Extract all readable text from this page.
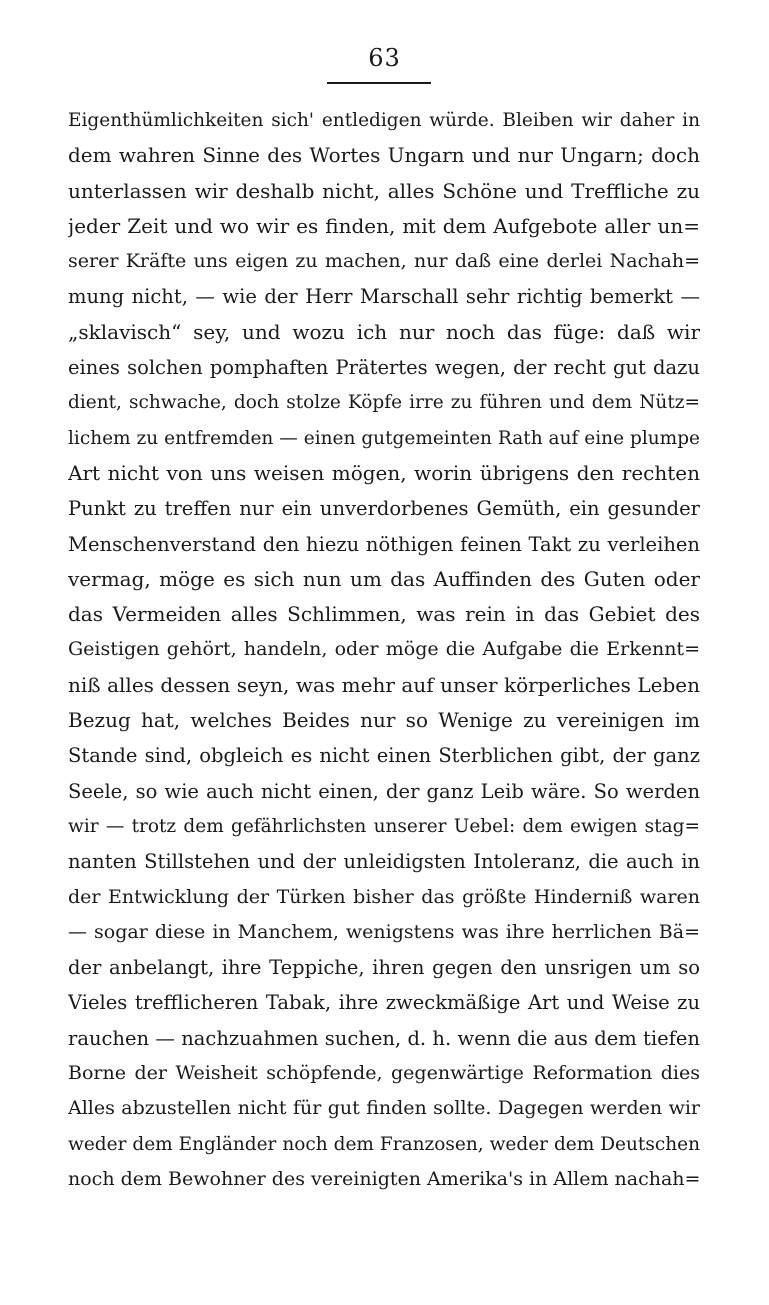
63
Eigenthümlichkeiten sich' entledigen würde. Bleiben wir daher in
dem wahren Sinne des Wortes Ungarn und nur Ungarn; doch
unterlassen wir deshalb nicht, alles Schöne und Treffliche zu
jeder Zeit und wo wir es finden, mit dem Aufgebote aller un=
serer Kräfte uns eigen zu machen, nur daß eine derlei Nachah=
mung nicht, — wie der Herr Marschall sehr richtig bemerkt —
„sklavisch“ sey, und wozu ich nur noch das füge: daß wir
eines solchen pomphaften Prätertes wegen, der recht gut dazu
dient, schwache, doch stolze Köpfe irre zu führen und dem Nütz=
lichem zu entfremden — einen gutgemeinten Rath auf eine plumpe
Art nicht von uns weisen mögen, worin übrigens den rechten
Punkt zu treffen nur ein unverdorbenes Gemüth, ein gesunder
Menschenverstand den hiezu nöthigen feinen Takt zu verleihen
vermag, möge es sich nun um das Auffinden des Guten oder
das Vermeiden alles Schlimmen, was rein in das Gebiet des
Geistigen gehört, handeln, oder möge die Aufgabe die Erkennt=
niß alles dessen seyn, was mehr auf unser körperliches Leben
Bezug hat, welches Beides nur so Wenige zu vereinigen im
Stande sind, obgleich es nicht einen Sterblichen gibt, der ganz
Seele, so wie auch nicht einen, der ganz Leib wäre. So werden
wir — trotz dem gefährlichsten unserer Uebel: dem ewigen stag=
nanten Stillstehen und der unleidigsten Intoleranz, die auch in
der Entwicklung der Türken bisher das größte Hinderniß waren
— sogar diese in Manchem, wenigstens was ihre herrlichen Bä=
der anbelangt, ihre Teppiche, ihren gegen den unsrigen um so
Vieles trefflicheren Tabak, ihre zweckmäßige Art und Weise zu
rauchen — nachzuahmen suchen, d. h. wenn die aus dem tiefen
Borne der Weisheit schöpfende, gegenwärtige Reformation dies
Alles abzustellen nicht für gut finden sollte. Dagegen werden wir
weder dem Engländer noch dem Franzosen, weder dem Deutschen
noch dem Bewohner des vereinigten Amerika's in Allem nachah=
